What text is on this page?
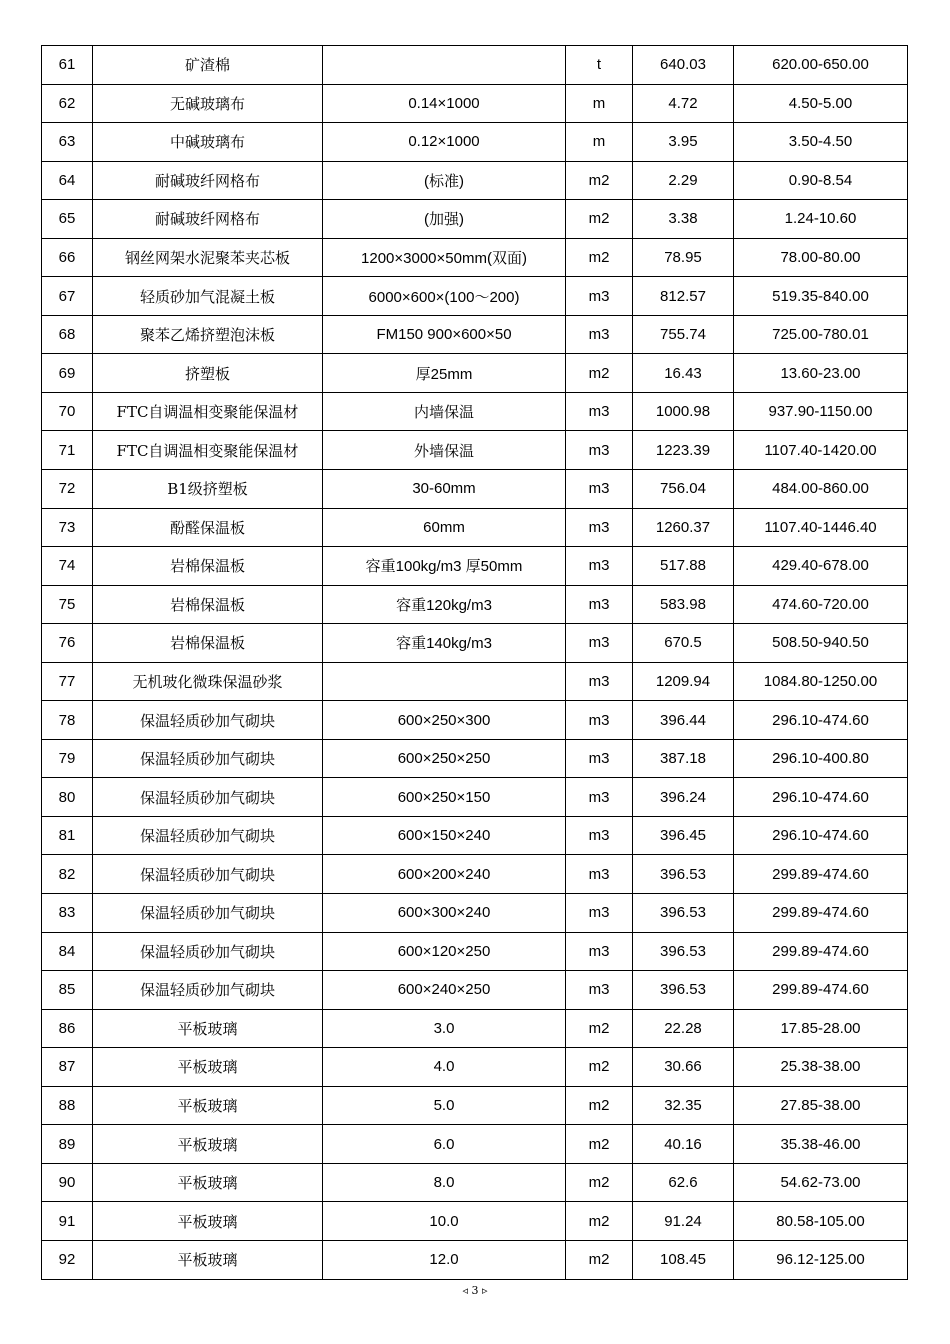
61	矿渣棉		t	640.03	620.00-650.00
62	无碱玻璃布	0.14×1000	m	4.72	4.50-5.00
63	中碱玻璃布	0.12×1000	m	3.95	3.50-4.50
64	耐碱玻纤网格布	(标准)	m2	2.29	0.90-8.54
65	耐碱玻纤网格布	(加强)	m2	3.38	1.24-10.60
66	钢丝网架水泥聚苯夹芯板	1200×3000×50mm(双面)	m2	78.95	78.00-80.00
67	轻质砂加气混凝土板	6000×600×(100～200)	m3	812.57	519.35-840.00
68	聚苯乙烯挤塑泡沫板	FM150 900×600×50	m3	755.74	725.00-780.01
69	挤塑板	厚25mm	m2	16.43	13.60-23.00
70	FTC自调温相变聚能保温材	内墙保温	m3	1000.98	937.90-1150.00
71	FTC自调温相变聚能保温材	外墙保温	m3	1223.39	1107.40-1420.00
72	B1级挤塑板	30-60mm	m3	756.04	484.00-860.00
73	酚醛保温板	60mm	m3	1260.37	1107.40-1446.40
74	岩棉保温板	容重100kg/m3 厚50mm	m3	517.88	429.40-678.00
75	岩棉保温板	容重120kg/m3	m3	583.98	474.60-720.00
76	岩棉保温板	容重140kg/m3	m3	670.5	508.50-940.50
77	无机玻化微珠保温砂浆		m3	1209.94	1084.80-1250.00
78	保温轻质砂加气砌块	600×250×300	m3	396.44	296.10-474.60
79	保温轻质砂加气砌块	600×250×250	m3	387.18	296.10-400.80
80	保温轻质砂加气砌块	600×250×150	m3	396.24	296.10-474.60
81	保温轻质砂加气砌块	600×150×240	m3	396.45	296.10-474.60
82	保温轻质砂加气砌块	600×200×240	m3	396.53	299.89-474.60
83	保温轻质砂加气砌块	600×300×240	m3	396.53	299.89-474.60
84	保温轻质砂加气砌块	600×120×250	m3	396.53	299.89-474.60
85	保温轻质砂加气砌块	600×240×250	m3	396.53	299.89-474.60
86	平板玻璃	3.0	m2	22.28	17.85-28.00
87	平板玻璃	4.0	m2	30.66	25.38-38.00
88	平板玻璃	5.0	m2	32.35	27.85-38.00
89	平板玻璃	6.0	m2	40.16	35.38-46.00
90	平板玻璃	8.0	m2	62.6	54.62-73.00
91	平板玻璃	10.0	m2	91.24	80.58-105.00
92	平板玻璃	12.0	m2	108.45	96.12-125.00
◃ 3 ▹
